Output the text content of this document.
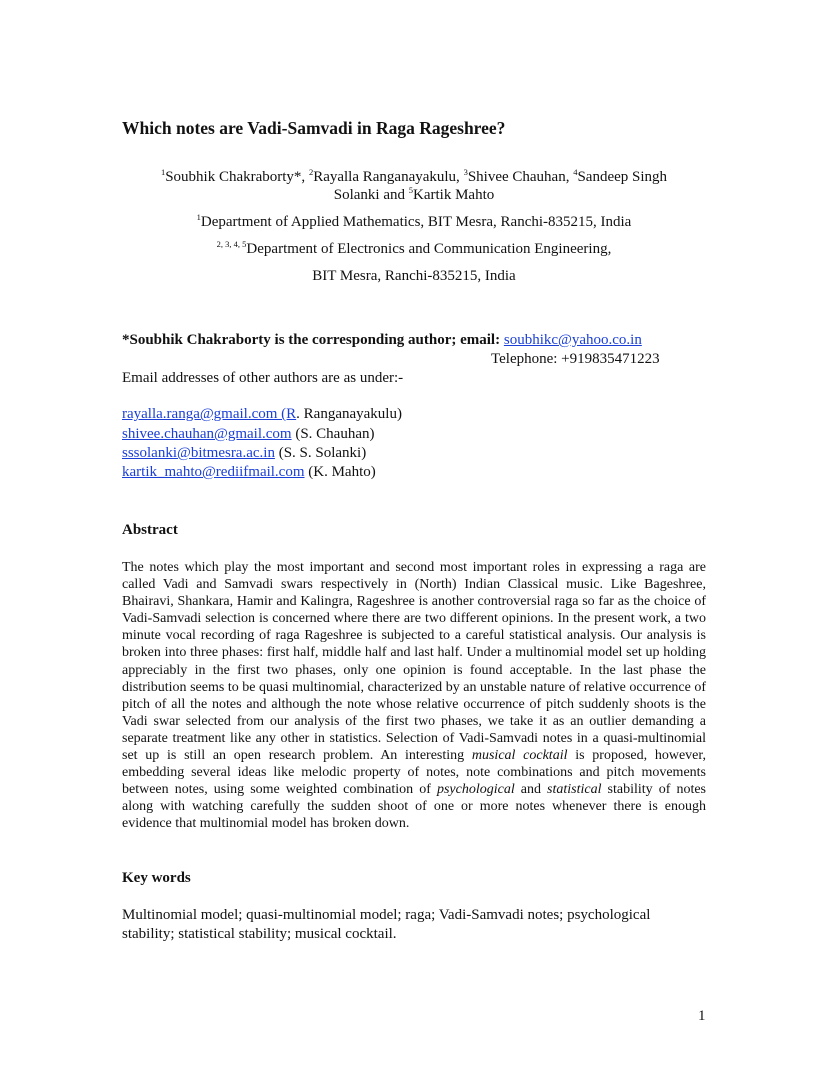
Which notes are Vadi-Samvadi in Raga Rageshree?
$^1$Soubhik Chakraborty*, $^2$Rayalla Ranganayakulu, $^3$Shivee Chauhan, $^4$Sandeep Singh
Solanki and $^5$Kartik Mahto
$^1$Department of Applied Mathematics, BIT Mesra, Ranchi-835215, India
$^{2, 3, 4, 5}$Department of Electronics and Communication Engineering,
BIT Mesra, Ranchi-835215, India
*Soubhik Chakraborty is the corresponding author; email: soubhikc@yahoo.co.in
Telephone: +919835471223
Email addresses of other authors are as under:-
rayalla.ranga@gmail.com (R. Ranganayakulu)
shivee.chauhan@gmail.com (S. Chauhan)
sssolanki@bitmesra.ac.in (S. S. Solanki)
kartik_mahto@rediifmail.com (K. Mahto)
Abstract

The notes which play the most important and second most important roles in expressing a raga are called Vadi and Samvadi swars respectively in (North) Indian Classical music. Like Bageshree, Bhairavi, Shankara, Hamir and Kalingra, Rageshree is another controversial raga so far as the choice of Vadi-Samvadi selection is concerned where there are two different opinions. In the present work, a two minute vocal recording of raga Rageshree is subjected to a careful statistical analysis. Our analysis is broken into three phases: first half, middle half and last half. Under a multinomial model set up holding appreciably in the first two phases, only one opinion is found acceptable. In the last phase the distribution seems to be quasi multinomial, characterized by an unstable nature of relative occurrence of pitch of all the notes and although the note whose relative occurrence of pitch suddenly shoots is the Vadi swar selected from our analysis of the first two phases, we take it as an outlier demanding a separate treatment like any other in statistics. Selection of Vadi-Samvadi notes in a quasi-multinomial set up is still an open research problem. An interesting musical cocktail is proposed, however, embedding several ideas like melodic property of notes, note combinations and pitch movements between notes, using some weighted combination of psychological and statistical stability of notes along with watching carefully the sudden shoot of one or more notes whenever there is enough evidence that multinomial model has broken down.

Key words

Multinomial model; quasi-multinomial model; raga; Vadi-Samvadi notes; psychological stability; statistical stability; musical cocktail.

1
